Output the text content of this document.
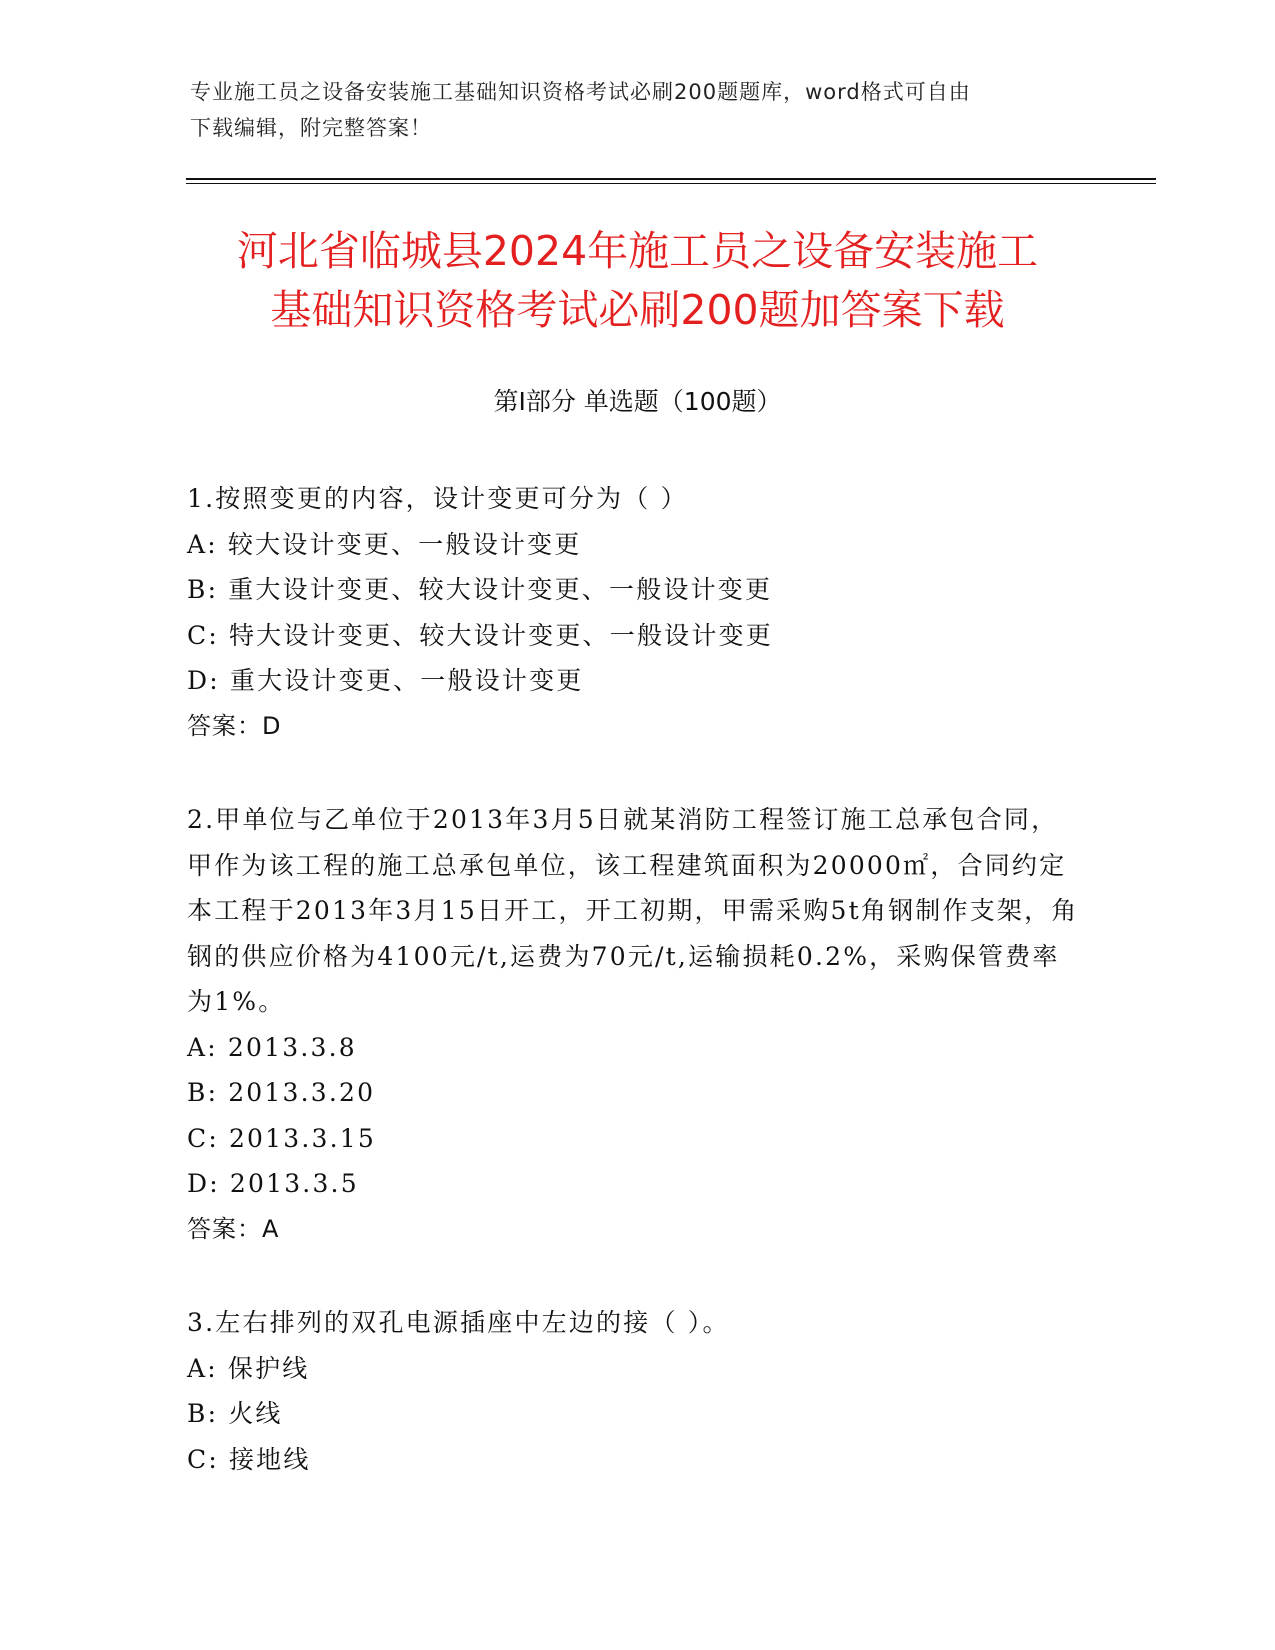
专业施工员之设备安装施工基础知识资格考试必刷200题题库，word格式可自由
下载编辑，附完整答案！
河北省临城县2024年施工员之设备安装施工
基础知识资格考试必刷200题加答案下载
第Ⅰ部分 单选题（100题）

1.按照变更的内容，设计变更可分为（ ）

A: 较大设计变更、一般设计变更

B: 重大设计变更、较大设计变更、一般设计变更

C: 特大设计变更、较大设计变更、一般设计变更

D: 重大设计变更、一般设计变更

答案：D

2.甲单位与乙单位于2013年3月5日就某消防工程签订施工总承包合同，甲作为该工程的施工总承包单位，该工程建筑面积为20000㎡，合同约定本工程于2013年3月15日开工，开工初期，甲需采购5t角钢制作支架，角钢的供应价格为4100元/t,运费为70元/t,运输损耗0.2%，采购保管费率为1%。

A: 2013.3.8

B: 2013.3.20

C: 2013.3.15

D: 2013.3.5

答案：A

3.左右排列的双孔电源插座中左边的接（ ）。

A: 保护线

B: 火线

C: 接地线
